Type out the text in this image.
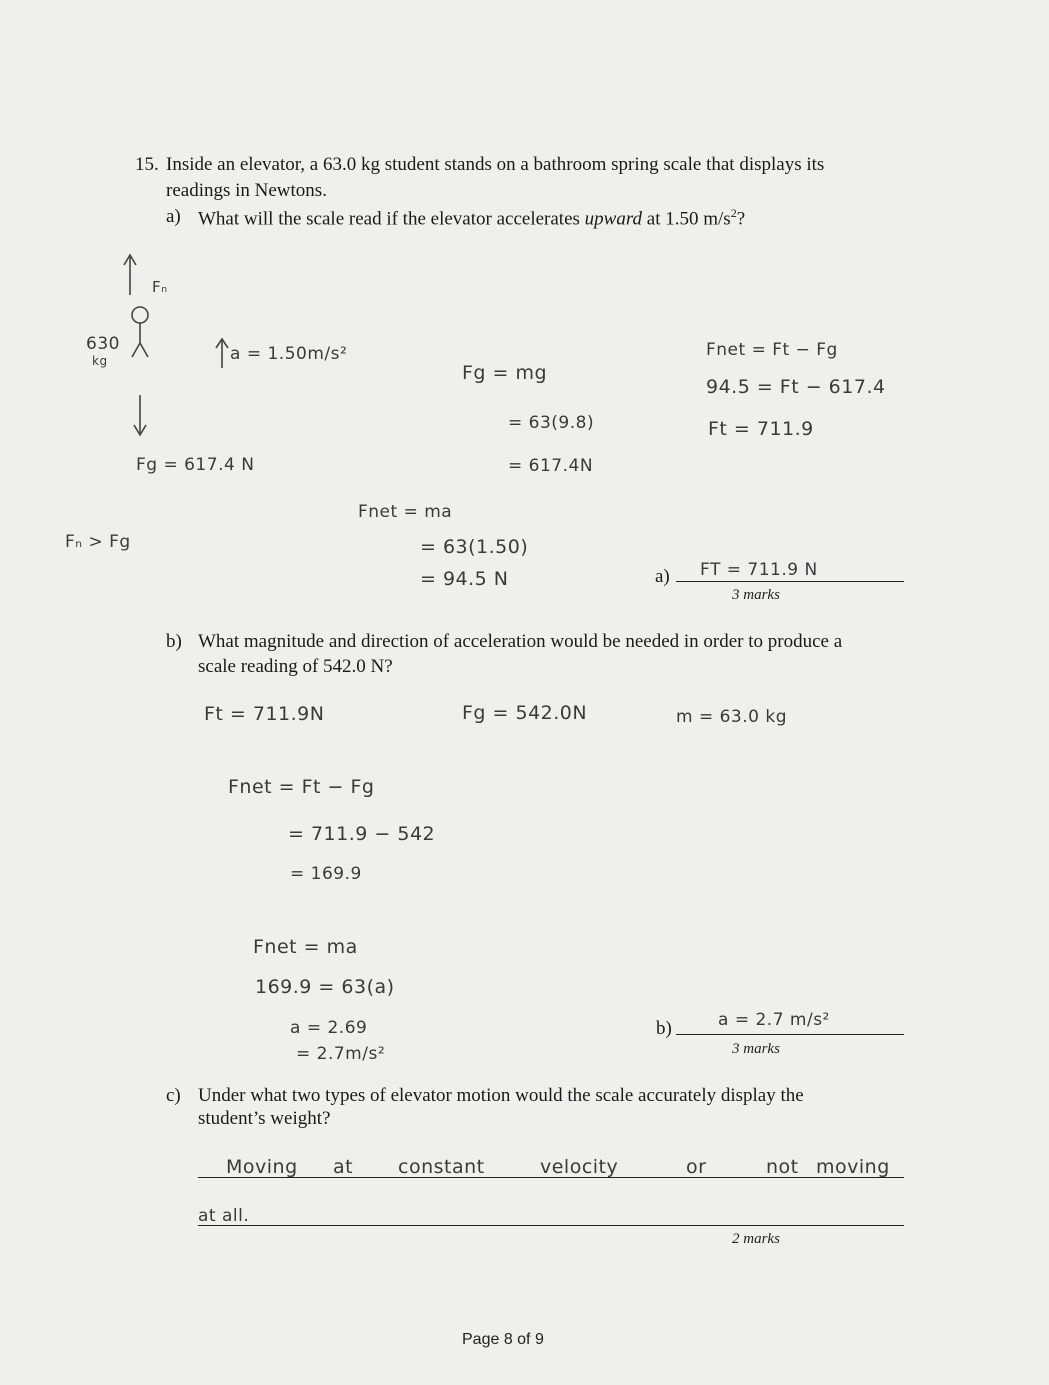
15. Inside an elevator, a 63.0 kg student stands on a bathroom spring scale that displays its
readings in Newtons.
a) What will the scale read if the elevator accelerates upward at 1.50 $m/s^2$?
Fₙ
630
kg	a = 1.50m/s²
Fg = 617.4 N
Fₙ > Fg
Fg = mg
= 63(9.8)
= 617.4N
Fnet = ma
= 63(1.50)
= 94.5 N
Fnet = Ft − Fg
94.5 = Ft − 617.4
Ft = 711.9
a) FT = 711.9 N
3 marks
b) What magnitude and direction of acceleration would be needed in order to produce a
scale reading of 542.0 N?
Ft = 711.9N	Fg = 542.0N	m = 63.0 kg
Fnet = Ft − Fg
= 711.9 − 542
= 169.9
Fnet = ma
169.9 = 63(a)
a = 2.69
= 2.7m/s²
b)	a = 2.7 m/s²
3 marks
c) Under what two types of elevator motion would the scale accurately display the
student’s weight?
Moving at constant	velocity	or	not moving
at all.
2 marks
Page 8 of 9
